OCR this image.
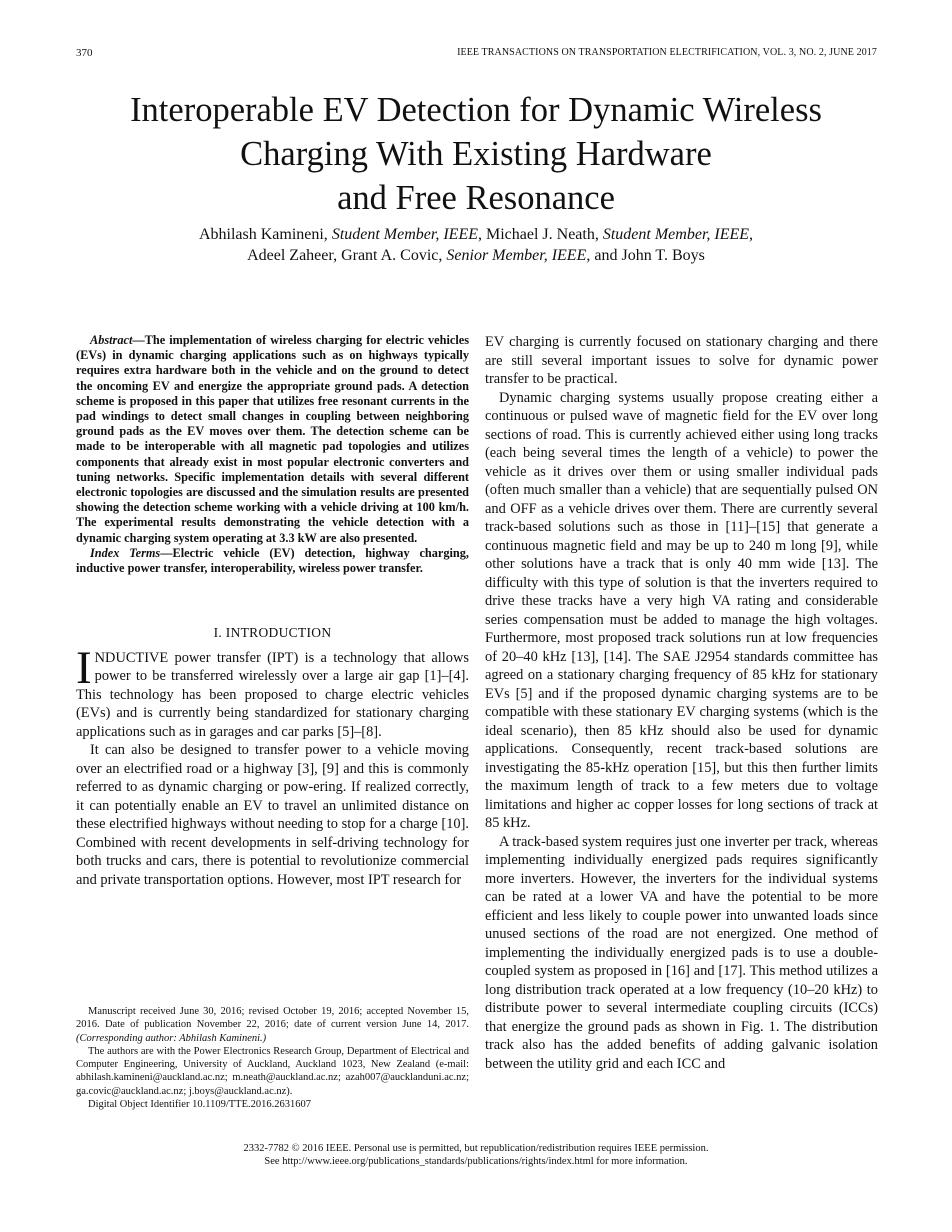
370	IEEE TRANSACTIONS ON TRANSPORTATION ELECTRIFICATION, VOL. 3, NO. 2, JUNE 2017
Interoperable EV Detection for Dynamic Wireless
Charging With Existing Hardware
and Free Resonance
Abhilash Kamineni, Student Member, IEEE, Michael J. Neath, Student Member, IEEE,
Adeel Zaheer, Grant A. Covic, Senior Member, IEEE, and John T. Boys

Abstract—The implementation of wireless charging for electric vehicles (EVs) in dynamic charging applications such as on highways typically requires extra hardware both in the vehicle and on the ground to detect the oncoming EV and energize the appropriate ground pads. A detection scheme is proposed in this paper that utilizes free resonant currents in the pad windings to detect small changes in coupling between neighboring ground pads as the EV moves over them. The detection scheme can be made to be interoperable with all magnetic pad topologies and utilizes components that already exist in most popular electronic converters and tuning networks. Specific implementation details with several different electronic topologies are discussed and the simulation results are presented showing the detection scheme working with a vehicle driving at 100 km/h. The experimental results demonstrating the vehicle detection with a dynamic charging system operating at 3.3 kW are also presented.

Index Terms—Electric vehicle (EV) detection, highway charging, inductive power transfer, interoperability, wireless power transfer.

I. INTRODUCTION

INDUCTIVE power transfer (IPT) is a technology that allows power to be transferred wirelessly over a large air gap [1]–[4]. This technology has been proposed to charge electric vehicles (EVs) and is currently being standardized for stationary charging applications such as in garages and car parks [5]–[8].

It can also be designed to transfer power to a vehicle moving over an electrified road or a highway [3], [9] and this is commonly referred to as dynamic charging or pow-ering. If realized correctly, it can potentially enable an EV to travel an unlimited distance on these electrified highways without needing to stop for a charge [10]. Combined with recent developments in self-driving technology for both trucks and cars, there is potential to revolutionize commercial and private transportation options. However, most IPT research for

EV charging is currently focused on stationary charging and there are still several important issues to solve for dynamic power transfer to be practical.

Dynamic charging systems usually propose creating either a continuous or pulsed wave of magnetic field for the EV over long sections of road. This is currently achieved either using long tracks (each being several times the length of a vehicle) to power the vehicle as it drives over them or using smaller individual pads (often much smaller than a vehicle) that are sequentially pulsed ON and OFF as a vehicle drives over them. There are currently several track-based solutions such as those in [11]–[15] that generate a continuous magnetic field and may be up to 240 m long [9], while other solutions have a track that is only 40 mm wide [13]. The difficulty with this type of solution is that the inverters required to drive these tracks have a very high VA rating and considerable series compensation must be added to manage the high voltages. Furthermore, most proposed track solutions run at low frequencies of 20–40 kHz [13], [14]. The SAE J2954 standards committee has agreed on a stationary charging frequency of 85 kHz for stationary EVs [5] and if the proposed dynamic charging systems are to be compatible with these stationary EV charging systems (which is the ideal scenario), then 85 kHz should also be used for dynamic applications. Consequently, recent track-based solutions are investigating the 85-kHz operation [15], but this then further limits the maximum length of track to a few meters due to voltage limitations and higher ac copper losses for long sections of track at 85 kHz.

A track-based system requires just one inverter per track, whereas implementing individually energized pads requires significantly more inverters. However, the inverters for the individual systems can be rated at a lower VA and have the potential to be more efficient and less likely to couple power into unwanted loads since unused sections of the road are not energized. One method of implementing the individually energized pads is to use a double-coupled system as proposed in [16] and [17]. This method utilizes a long distribution track operated at a low frequency (10–20 kHz) to distribute power to several intermediate coupling circuits (ICCs) that energize the ground pads as shown in Fig. 1. The distribution track also has the added benefits of adding galvanic isolation between the utility grid and each ICC and

Manuscript received June 30, 2016; revised October 19, 2016; accepted November 15, 2016. Date of publication November 22, 2016; date of current version June 14, 2017. (Corresponding author: Abhilash Kamineni.)

The authors are with the Power Electronics Research Group, Department of Electrical and Computer Engineering, University of Auckland, Auckland 1023, New Zealand (e-mail: abhilash.kamineni@auckland.ac.nz; m.neath@auckland.ac.nz; azah007@aucklanduni.ac.nz; ga.covic@auckland.ac.nz; j.boys@auckland.ac.nz).

Digital Object Identifier 10.1109/TTE.2016.2631607

2332-7782 © 2016 IEEE. Personal use is permitted, but republication/redistribution requires IEEE permission.
See http://www.ieee.org/publications_standards/publications/rights/index.html for more information.
